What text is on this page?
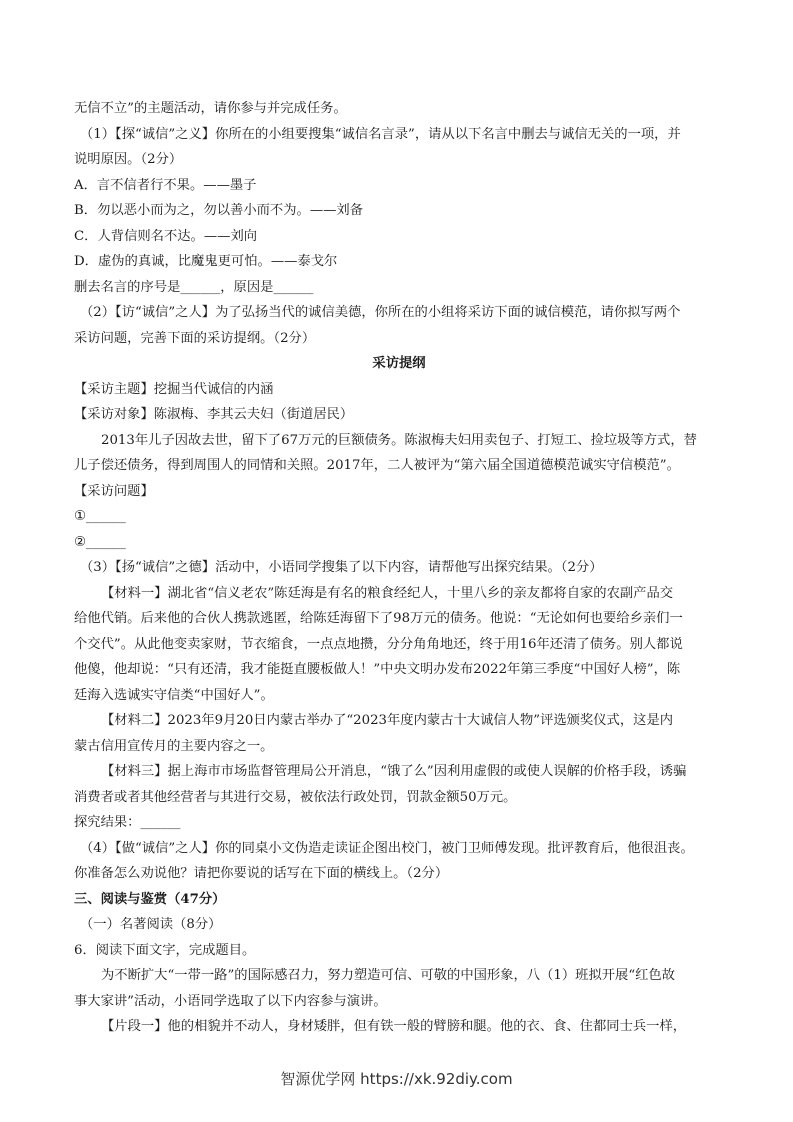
无信不立”的主题活动，请你参与并完成任务。
（1）【探“诚信”之义】你所在的小组要搜集“诚信名言录”，请从以下名言中删去与诚信无关的一项，并
说明原因。（2分）
A．言不信者行不果。——墨子
B．勿以恶小而为之，勿以善小而不为。——刘备
C．人背信则名不达。——刘向
D．虚伪的真诚，比魔鬼更可怕。——泰戈尔
删去名言的序号是______，原因是______
（2）【访“诚信”之人】为了弘扬当代的诚信美德，你所在的小组将采访下面的诚信模范，请你拟写两个
采访问题，完善下面的采访提纲。（2分）
采访提纲
【采访主题】挖掘当代诚信的内涵
【采访对象】陈淑梅、李其云夫妇（街道居民）
2013年儿子因故去世，留下了67万元的巨额债务。陈淑梅夫妇用卖包子、打短工、捡垃圾等方式，替
儿子偿还债务，得到周围人的同情和关照。2017年，二人被评为“第六届全国道德模范诚实守信模范”。
【采访问题】
①______
②______
（3）【扬“诚信”之德】活动中，小语同学搜集了以下内容，请帮他写出探究结果。（2分）
【材料一】湖北省“信义老农”陈廷海是有名的粮食经纪人，十里八乡的亲友都将自家的农副产品交
给他代销。后来他的合伙人携款逃匿，给陈廷海留下了98万元的债务。他说：“无论如何也要给乡亲们一
个交代”。从此他变卖家财，节衣缩食，一点点地攒，分分角角地还，终于用16年还清了债务。别人都说
他傻，他却说：“只有还清，我才能挺直腰板做人！”中央文明办发布2022年第三季度“中国好人榜”，陈
廷海入选诚实守信类“中国好人”。
【材料二】2023年9月20日内蒙古举办了“2023年度内蒙古十大诚信人物”评选颁奖仪式，这是内
蒙古信用宣传月的主要内容之一。
【材料三】据上海市市场监督管理局公开消息，“饿了么”因利用虚假的或使人误解的价格手段，诱骗
消费者或者其他经营者与其进行交易，被依法行政处罚，罚款金额50万元。
探究结果：______
（4）【做“诚信”之人】你的同桌小文伪造走读证企图出校门，被门卫师傅发现。批评教育后，他很沮丧。
你准备怎么劝说他？请把你要说的话写在下面的横线上。（2分）
三、阅读与鉴赏（47分）
（一）名著阅读（8分）
6．阅读下面文字，完成题目。
为不断扩大“一带一路”的国际感召力，努力塑造可信、可敬的中国形象，八（1）班拟开展“红色故
事大家讲”活动，小语同学选取了以下内容参与演讲。
【片段一】他的相貌并不动人，身材矮胖，但有铁一般的臂膀和腿。他的衣、食、住都同士兵一样，
智源优学网 https://xk.92diy.com
